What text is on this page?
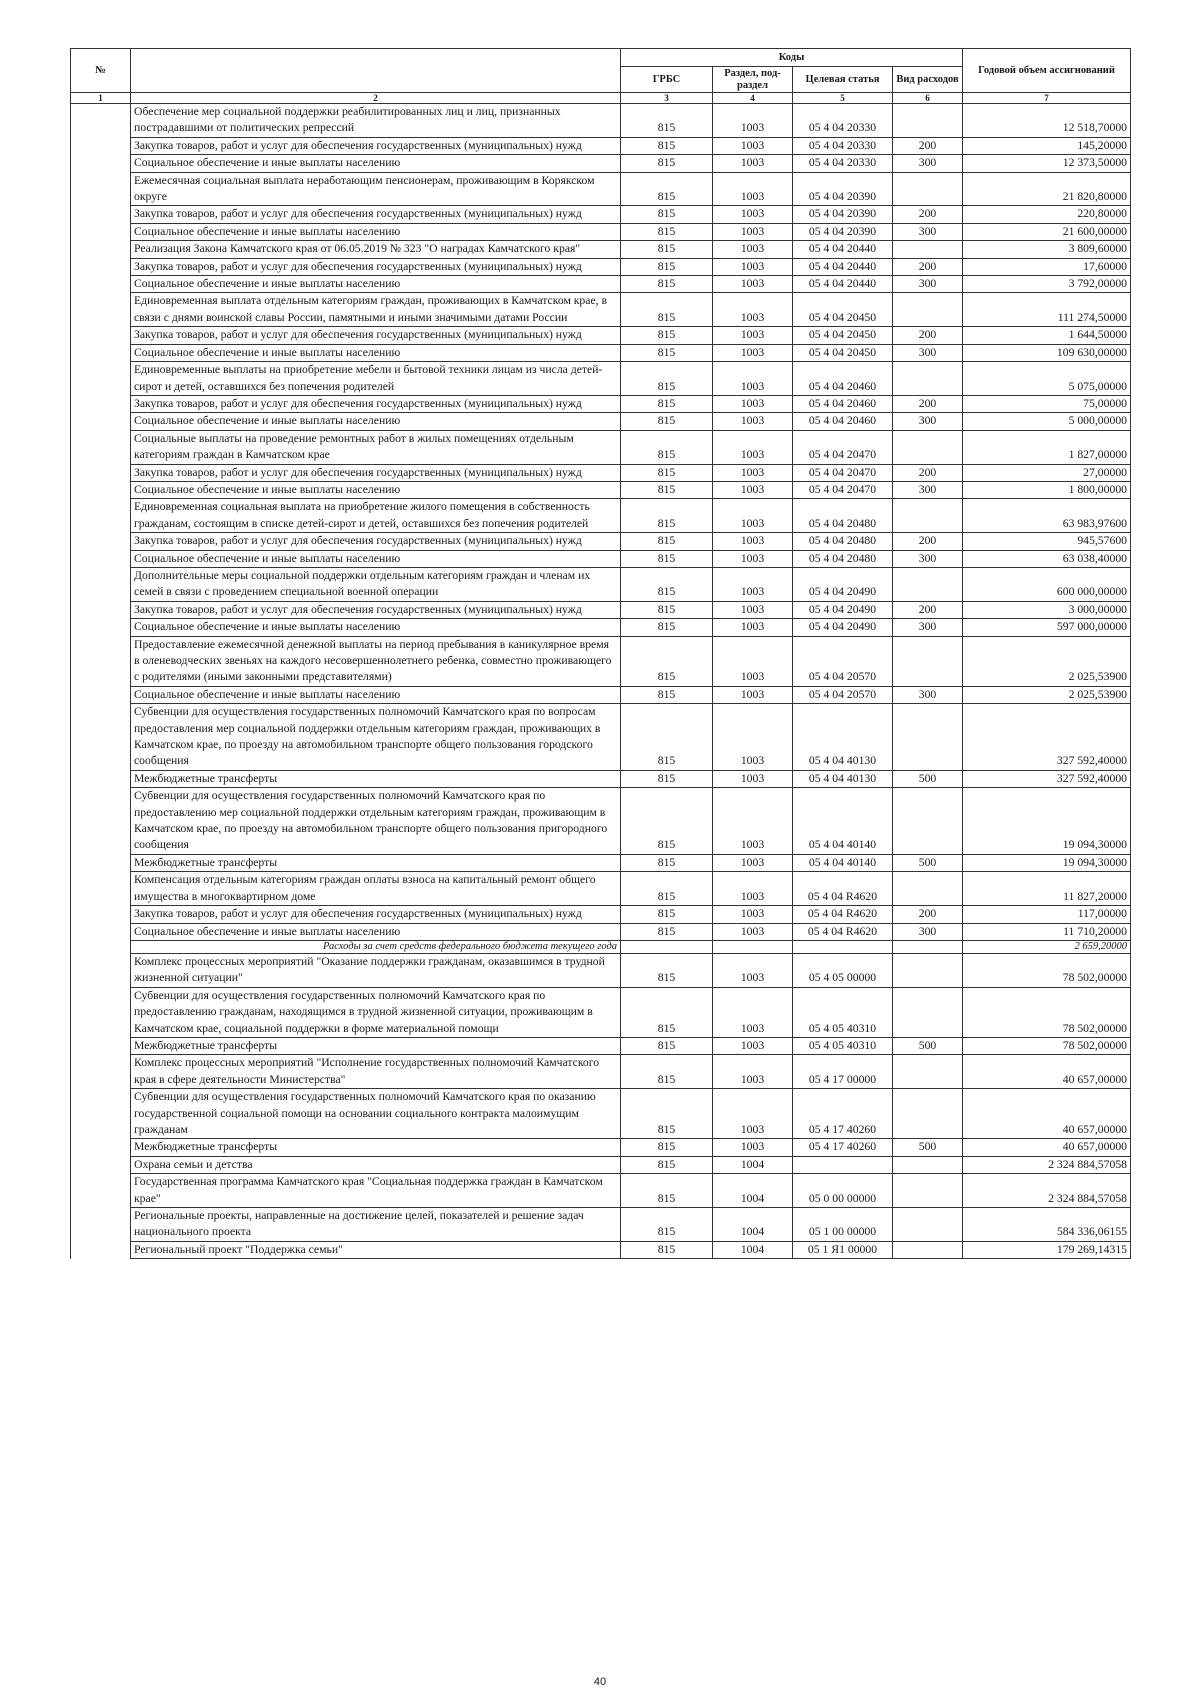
№		Коды				Годовой объем ассигнований
		ГРБС	Раздел, под-раздел	Целевая статья	Вид расходов	
1	2	3	4	5	6	7
	Обеспечение мер социальной поддержки реабилитированных лиц и лиц, признанных пострадавшими от политических репрессий	815	1003	05 4 04 20330		12 518,70000
	Закупка товаров, работ и услуг для обеспечения государственных (муниципальных) нужд	815	1003	05 4 04 20330	200	145,20000
	Социальное обеспечение и иные выплаты населению	815	1003	05 4 04 20330	300	12 373,50000
	Ежемесячная социальная выплата неработающим пенсионерам, проживающим в Корякском округе	815	1003	05 4 04 20390		21 820,80000
	Закупка товаров, работ и услуг для обеспечения государственных (муниципальных) нужд	815	1003	05 4 04 20390	200	220,80000
	Социальное обеспечение и иные выплаты населению	815	1003	05 4 04 20390	300	21 600,00000
	Реализация Закона Камчатского края от 06.05.2019 № 323 "О наградах Камчатского края"	815	1003	05 4 04 20440		3 809,60000
	Закупка товаров, работ и услуг для обеспечения государственных (муниципальных) нужд	815	1003	05 4 04 20440	200	17,60000
	Социальное обеспечение и иные выплаты населению	815	1003	05 4 04 20440	300	3 792,00000
	Единовременная выплата отдельным категориям граждан, проживающих в Камчатском крае, в связи с днями воинской славы России, памятными и иными значимыми датами России	815	1003	05 4 04 20450		111 274,50000
	Закупка товаров, работ и услуг для обеспечения государственных (муниципальных) нужд	815	1003	05 4 04 20450	200	1 644,50000
	Социальное обеспечение и иные выплаты населению	815	1003	05 4 04 20450	300	109 630,00000
	Единовременные выплаты на приобретение мебели и бытовой техники лицам из числа детей-сирот и детей, оставшихся без попечения родителей	815	1003	05 4 04 20460		5 075,00000
	Закупка товаров, работ и услуг для обеспечения государственных (муниципальных) нужд	815	1003	05 4 04 20460	200	75,00000
	Социальное обеспечение и иные выплаты населению	815	1003	05 4 04 20460	300	5 000,00000
	Социальные выплаты на проведение ремонтных работ в жилых помещениях отдельным категориям граждан в Камчатском крае	815	1003	05 4 04 20470		1 827,00000
	Закупка товаров, работ и услуг для обеспечения государственных (муниципальных) нужд	815	1003	05 4 04 20470	200	27,00000
	Социальное обеспечение и иные выплаты населению	815	1003	05 4 04 20470	300	1 800,00000
	Единовременная социальная выплата на приобретение жилого помещения в собственность гражданам, состоящим в списке детей-сирот и детей, оставшихся без попечения родителей	815	1003	05 4 04 20480		63 983,97600
	Закупка товаров, работ и услуг для обеспечения государственных (муниципальных) нужд	815	1003	05 4 04 20480	200	945,57600
	Социальное обеспечение и иные выплаты населению	815	1003	05 4 04 20480	300	63 038,40000
	Дополнительные меры социальной поддержки отдельным категориям граждан и членам их семей в связи с проведением специальной военной операции	815	1003	05 4 04 20490		600 000,00000
	Закупка товаров, работ и услуг для обеспечения государственных (муниципальных) нужд	815	1003	05 4 04 20490	200	3 000,00000
	Социальное обеспечение и иные выплаты населению	815	1003	05 4 04 20490	300	597 000,00000
	Предоставление ежемесячной денежной выплаты на период пребывания в каникулярное время в оленеводческих звеньях на каждого несовершеннолетнего ребенка, совместно проживающего с родителями (иными законными представителями)	815	1003	05 4 04 20570		2 025,53900
	Социальное обеспечение и иные выплаты населению	815	1003	05 4 04 20570	300	2 025,53900
	Субвенции для осуществления государственных полномочий Камчатского края по вопросам предоставления мер социальной поддержки отдельным категориям граждан, проживающих в Камчатском крае, по проезду на автомобильном транспорте общего пользования городского сообщения	815	1003	05 4 04 40130		327 592,40000
	Межбюджетные трансферты	815	1003	05 4 04 40130	500	327 592,40000
	Субвенции для осуществления государственных полномочий Камчатского края по предоставлению мер социальной поддержки отдельным категориям граждан, проживающим в Камчатском крае, по проезду на автомобильном транспорте общего пользования пригородного сообщения	815	1003	05 4 04 40140		19 094,30000
	Межбюджетные трансферты	815	1003	05 4 04 40140	500	19 094,30000
	Компенсация отдельным категориям граждан оплаты взноса на капитальный ремонт общего имущества в многоквартирном доме	815	1003	05 4 04 R4620		11 827,20000
	Закупка товаров, работ и услуг для обеспечения государственных (муниципальных) нужд	815	1003	05 4 04 R4620	200	117,00000
	Социальное обеспечение и иные выплаты населению	815	1003	05 4 04 R4620	300	11 710,20000
	Расходы за счет средств федерального бюджета текущего года					2 659,20000
	Комплекс процессных мероприятий "Оказание поддержки гражданам, оказавшимся в трудной жизненной ситуации"	815	1003	05 4 05 00000		78 502,00000
	Субвенции для осуществления государственных полномочий Камчатского края по предоставлению гражданам, находящимся в трудной жизненной ситуации, проживающим в Камчатском крае, социальной поддержки в форме материальной помощи	815	1003	05 4 05 40310		78 502,00000
	Межбюджетные трансферты	815	1003	05 4 05 40310	500	78 502,00000
	Комплекс процессных мероприятий "Исполнение государственных полномочий Камчатского края в сфере деятельности Министерства"	815	1003	05 4 17 00000		40 657,00000
	Субвенции для осуществления государственных полномочий Камчатского края по оказанию государственной социальной помощи на основании социального контракта малоимущим гражданам	815	1003	05 4 17 40260		40 657,00000
	Межбюджетные трансферты	815	1003	05 4 17 40260	500	40 657,00000
	Охрана семьи и детства	815	1004			2 324 884,57058
	Государственная программа Камчатского края "Социальная поддержка граждан в Камчатском крае"	815	1004	05 0 00 00000		2 324 884,57058
	Региональные проекты, направленные на достижение целей, показателей и решение задач национального проекта	815	1004	05 1 00 00000		584 336,06155
	Региональный проект "Поддержка семьи"	815	1004	05 1 Я1 00000		179 269,14315
40
